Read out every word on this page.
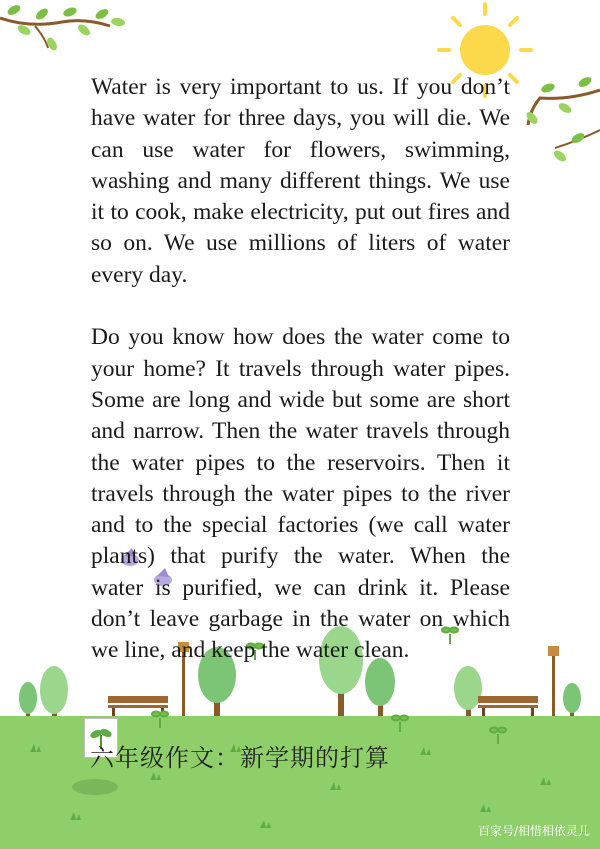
Water is very important to us. If you don’t have water for three days, you will die. We can use water for flowers, swimming, washing and many different things. We use it to cook, make electricity, put out fires and so on. We use millions of liters of water every day.

Do you know how does the water come to your home? It travels through water pipes. Some are long and wide but some are short and narrow. Then the water travels through the water pipes to the reservoirs. Then it travels through the water pipes to the river and to the special factories (we call water plants) that purify the water. When the water is purified, we can drink it. Please don’t leave garbage in the water on which we line, and keep the water clean.

六年级作文：新学期的打算
百家号/相惜相依灵儿
